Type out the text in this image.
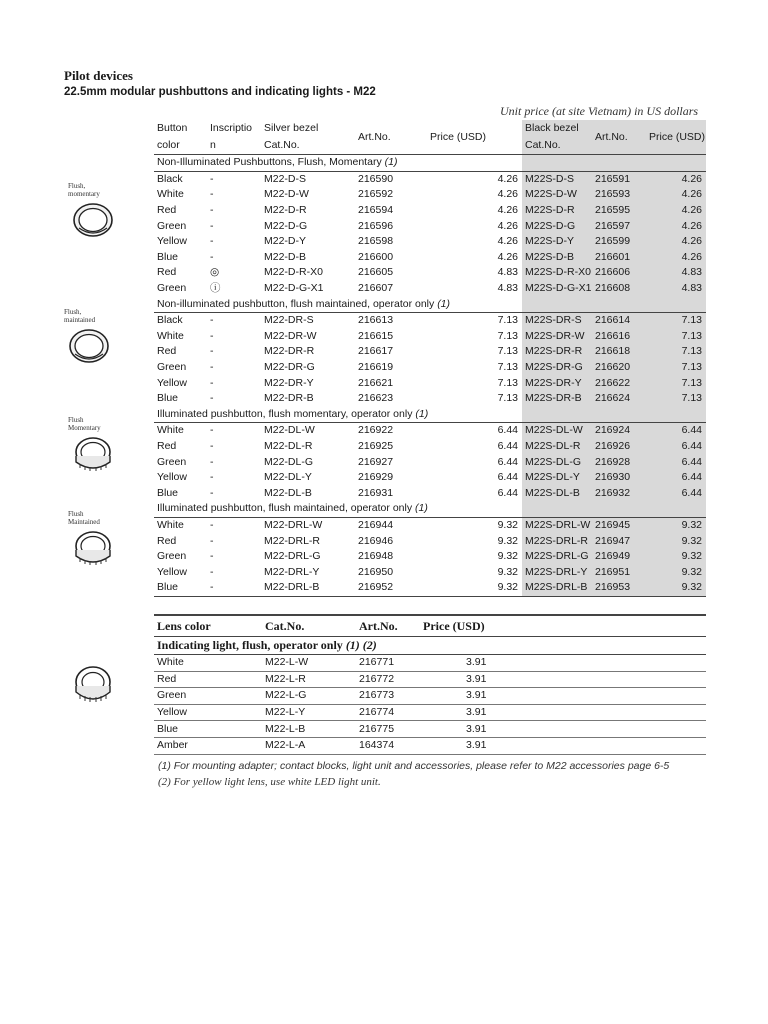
Pilot devices
22.5mm modular pushbuttons and indicating lights - M22
Unit price (at site Vietnam) in US dollars
Flush,
momentary
Flush,
maintained
Flush
Momentary
Flush
Maintained
Button	Inscriptio	Silver bezel	Art.No.	Price (USD)	Black bezel	Art.No.	Price (USD)
color	n	Cat.No.			Cat.No.		
Non-Illuminated Pushbuttons, Flush, Momentary (1)							
Black	-	M22-D-S	216590	4.26	M22S-D-S	216591	4.26
White	-	M22-D-W	216592	4.26	M22S-D-W	216593	4.26
Red	-	M22-D-R	216594	4.26	M22S-D-R	216595	4.26
Green	-	M22-D-G	216596	4.26	M22S-D-G	216597	4.26
Yellow	-	M22-D-Y	216598	4.26	M22S-D-Y	216599	4.26
Blue	-	M22-D-B	216600	4.26	M22S-D-B	216601	4.26
Red	◎	M22-D-R-X0	216605	4.83	M22S-D-R-X0	216606	4.83
Green	ⓘ	M22-D-G-X1	216607	4.83	M22S-D-G-X1	216608	4.83
Non-illuminated pushbutton, flush maintained, operator only (1)							
Black	-	M22-DR-S	216613	7.13	M22S-DR-S	216614	7.13
White	-	M22-DR-W	216615	7.13	M22S-DR-W	216616	7.13
Red	-	M22-DR-R	216617	7.13	M22S-DR-R	216618	7.13
Green	-	M22-DR-G	216619	7.13	M22S-DR-G	216620	7.13
Yellow	-	M22-DR-Y	216621	7.13	M22S-DR-Y	216622	7.13
Blue	-	M22-DR-B	216623	7.13	M22S-DR-B	216624	7.13
Illuminated pushbutton, flush momentary, operator only (1)							
White	-	M22-DL-W	216922	6.44	M22S-DL-W	216924	6.44
Red	-	M22-DL-R	216925	6.44	M22S-DL-R	216926	6.44
Green	-	M22-DL-G	216927	6.44	M22S-DL-G	216928	6.44
Yellow	-	M22-DL-Y	216929	6.44	M22S-DL-Y	216930	6.44
Blue	-	M22-DL-B	216931	6.44	M22S-DL-B	216932	6.44
Illuminated pushbutton, flush maintained, operator only (1)							
White	-	M22-DRL-W	216944	9.32	M22S-DRL-W	216945	9.32
Red	-	M22-DRL-R	216946	9.32	M22S-DRL-R	216947	9.32
Green	-	M22-DRL-G	216948	9.32	M22S-DRL-G	216949	9.32
Yellow	-	M22-DRL-Y	216950	9.32	M22S-DRL-Y	216951	9.32
Blue	-	M22-DRL-B	216952	9.32	M22S-DRL-B	216953	9.32
Lens color	Cat.No.	Art.No.	Price (USD)	
Indicating light, flush, operator only (1) (2)				
White	M22-L-W	216771	3.91	
Red	M22-L-R	216772	3.91	
Green	M22-L-G	216773	3.91	
Yellow	M22-L-Y	216774	3.91	
Blue	M22-L-B	216775	3.91	
Amber	M22-L-A	164374	3.91	
(1) For mounting adapter; contact blocks, light unit and accessories, please refer to M22 accessories page 6-5
(2) For yellow light lens, use white LED light unit.
